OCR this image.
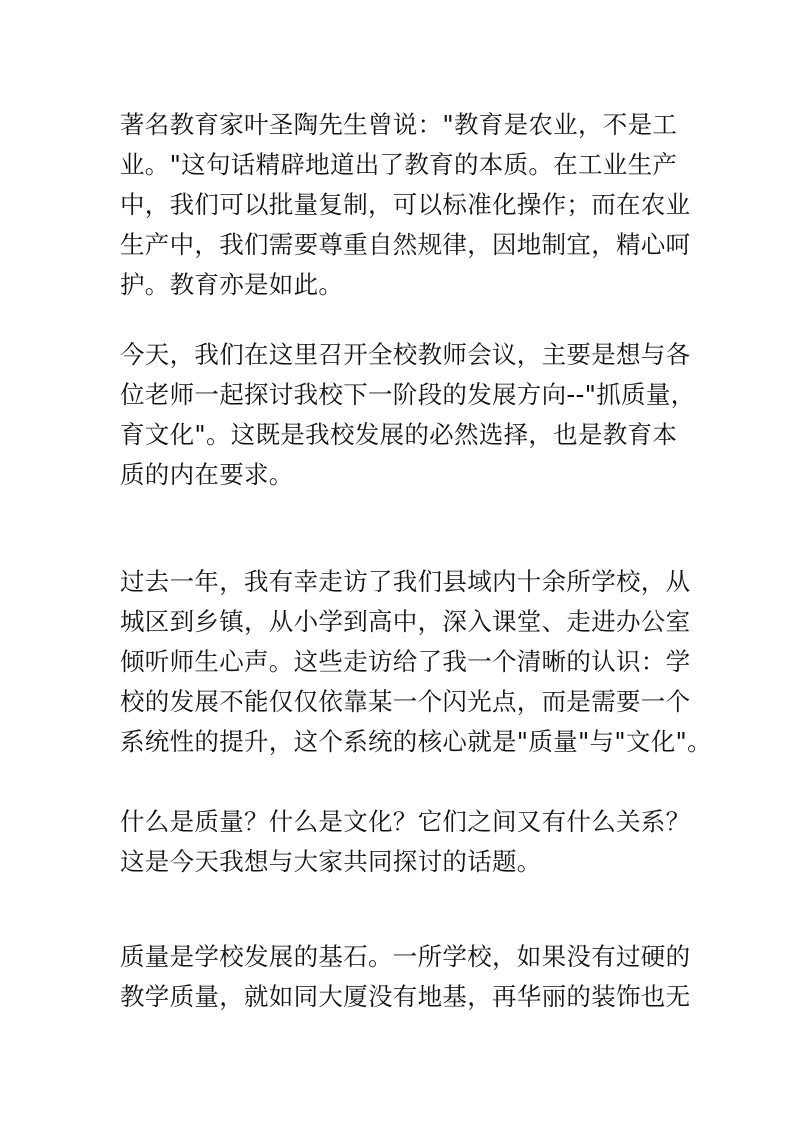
著名教育家叶圣陶先生曾说："教育是农业，不是工
业。"这句话精辟地道出了教育的本质。在工业生产
中，我们可以批量复制，可以标准化操作；而在农业
生产中，我们需要尊重自然规律，因地制宜，精心呵
护。教育亦是如此。
今天，我们在这里召开全校教师会议，主要是想与各
位老师一起探讨我校下一阶段的发展方向--"抓质量，
育文化"。这既是我校发展的必然选择，也是教育本
质的内在要求。
过去一年，我有幸走访了我们县域内十余所学校，从
城区到乡镇，从小学到高中，深入课堂、走进办公室
倾听师生心声。这些走访给了我一个清晰的认识：学
校的发展不能仅仅依靠某一个闪光点，而是需要一个
系统性的提升，这个系统的核心就是"质量"与"文化"。
什么是质量？什么是文化？它们之间又有什么关系？
这是今天我想与大家共同探讨的话题。
质量是学校发展的基石。一所学校，如果没有过硬的
教学质量，就如同大厦没有地基，再华丽的装饰也无
